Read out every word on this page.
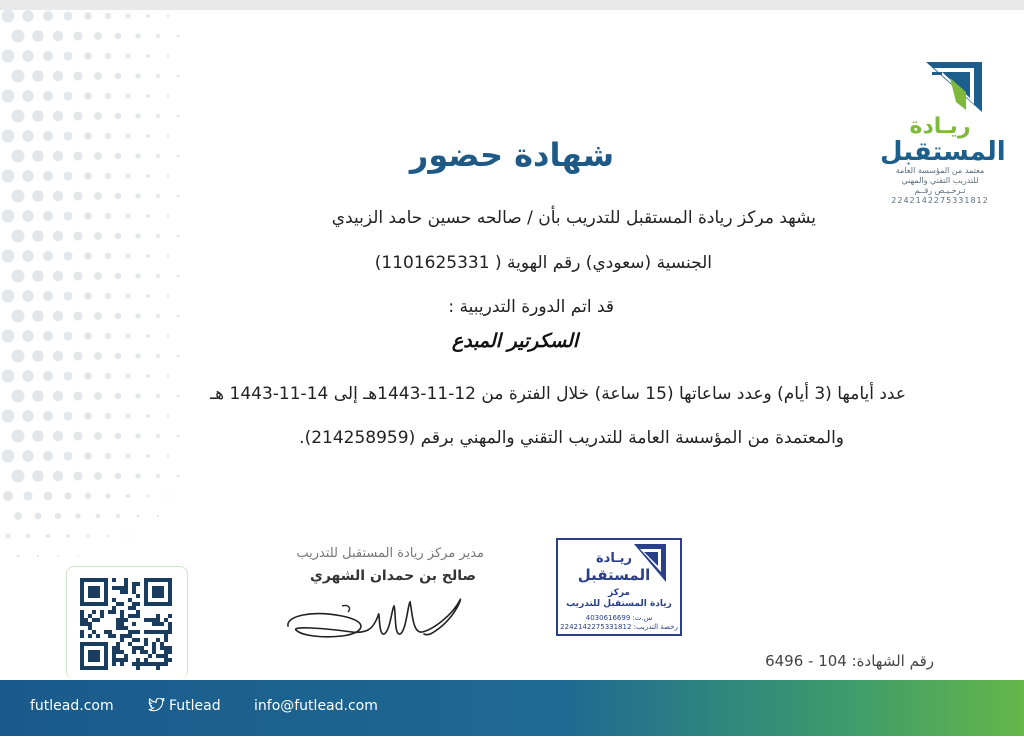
ريـادة
المستقبل
معتمد من المؤسسة العامة
للتدريب التقني والمهني
تـرخـيـص رقــم
2242142275331812
شهادة حضور
يشهد مركز ريادة المستقبل للتدريب بأن / صالحه حسين حامد الزبيدي
الجنسية (سعودي) رقم الهوية ( 1101625331)
قد اتم الدورة التدريبية :
السكرتير المبدع
عدد أيامها (3 أيام) وعدد ساعاتها (15 ساعة) خلال الفترة من 12-11-1443هـ إلى 14-11-1443 هـ
والمعتمدة من المؤسسة العامة للتدريب التقني والمهني برقم (214258959).
مدير مركز ريادة المستقبل للتدريب
صالح بن حمدان الشهري
ريـادة
المستقبل
مركز
ريادة المستقبل للتدريب
س.ت: 4030616699
رخصة التدريب: 2242142275331812
رقم الشهادة: 6496 - 104
futlead.com	Futlead info@futlead.com
